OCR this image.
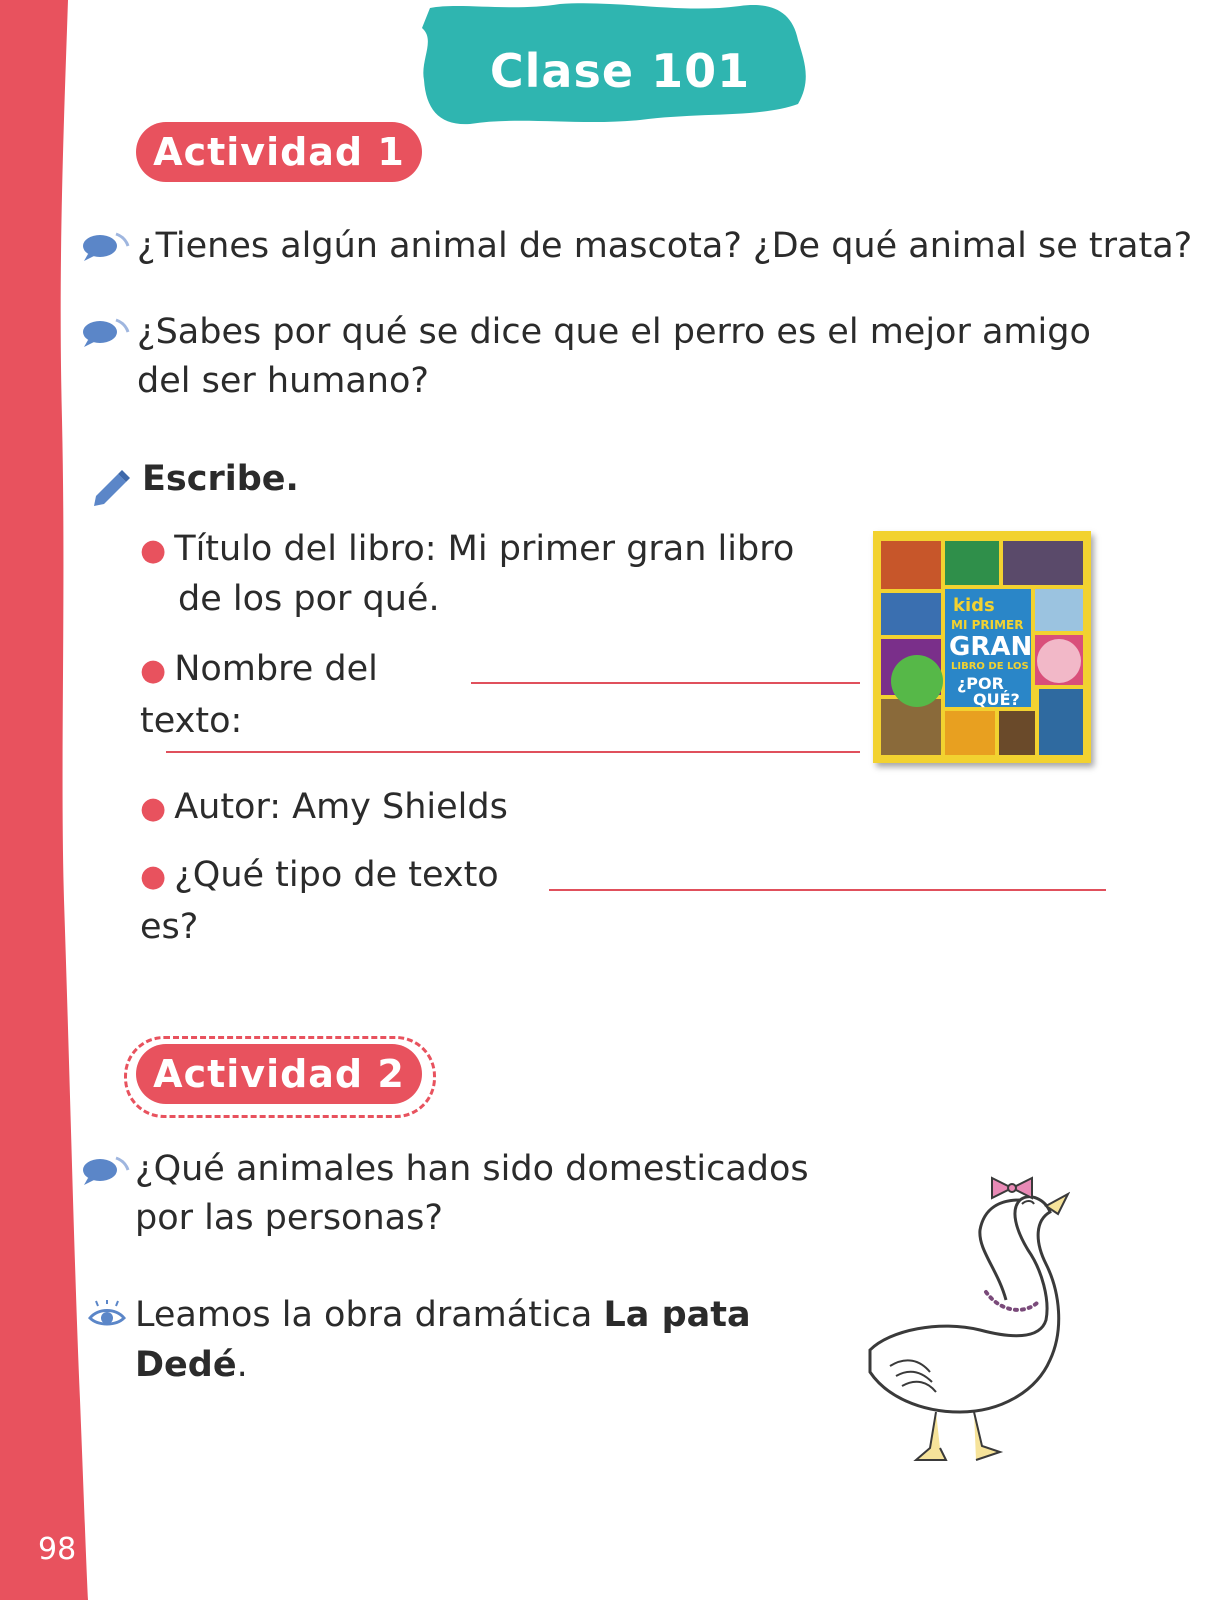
98
Clase 101
Actividad 1
¿Tienes algún animal de mascota? ¿De qué animal se trata?
¿Sabes por qué se dice que el perro es el mejor amigo
del ser humano?
Escribe.
● Título del libro: Mi primer gran libro
de los por qué.
● Nombre del texto:
● Autor: Amy Shields
● ¿Qué tipo de texto es?
kids
MI PRIMER
GRAN
LIBRO DE LOS
¿POR
QUÉ?
Actividad 2
¿Qué animales han sido domesticados
por las personas?
Leamos la obra dramática La pata Dedé.
